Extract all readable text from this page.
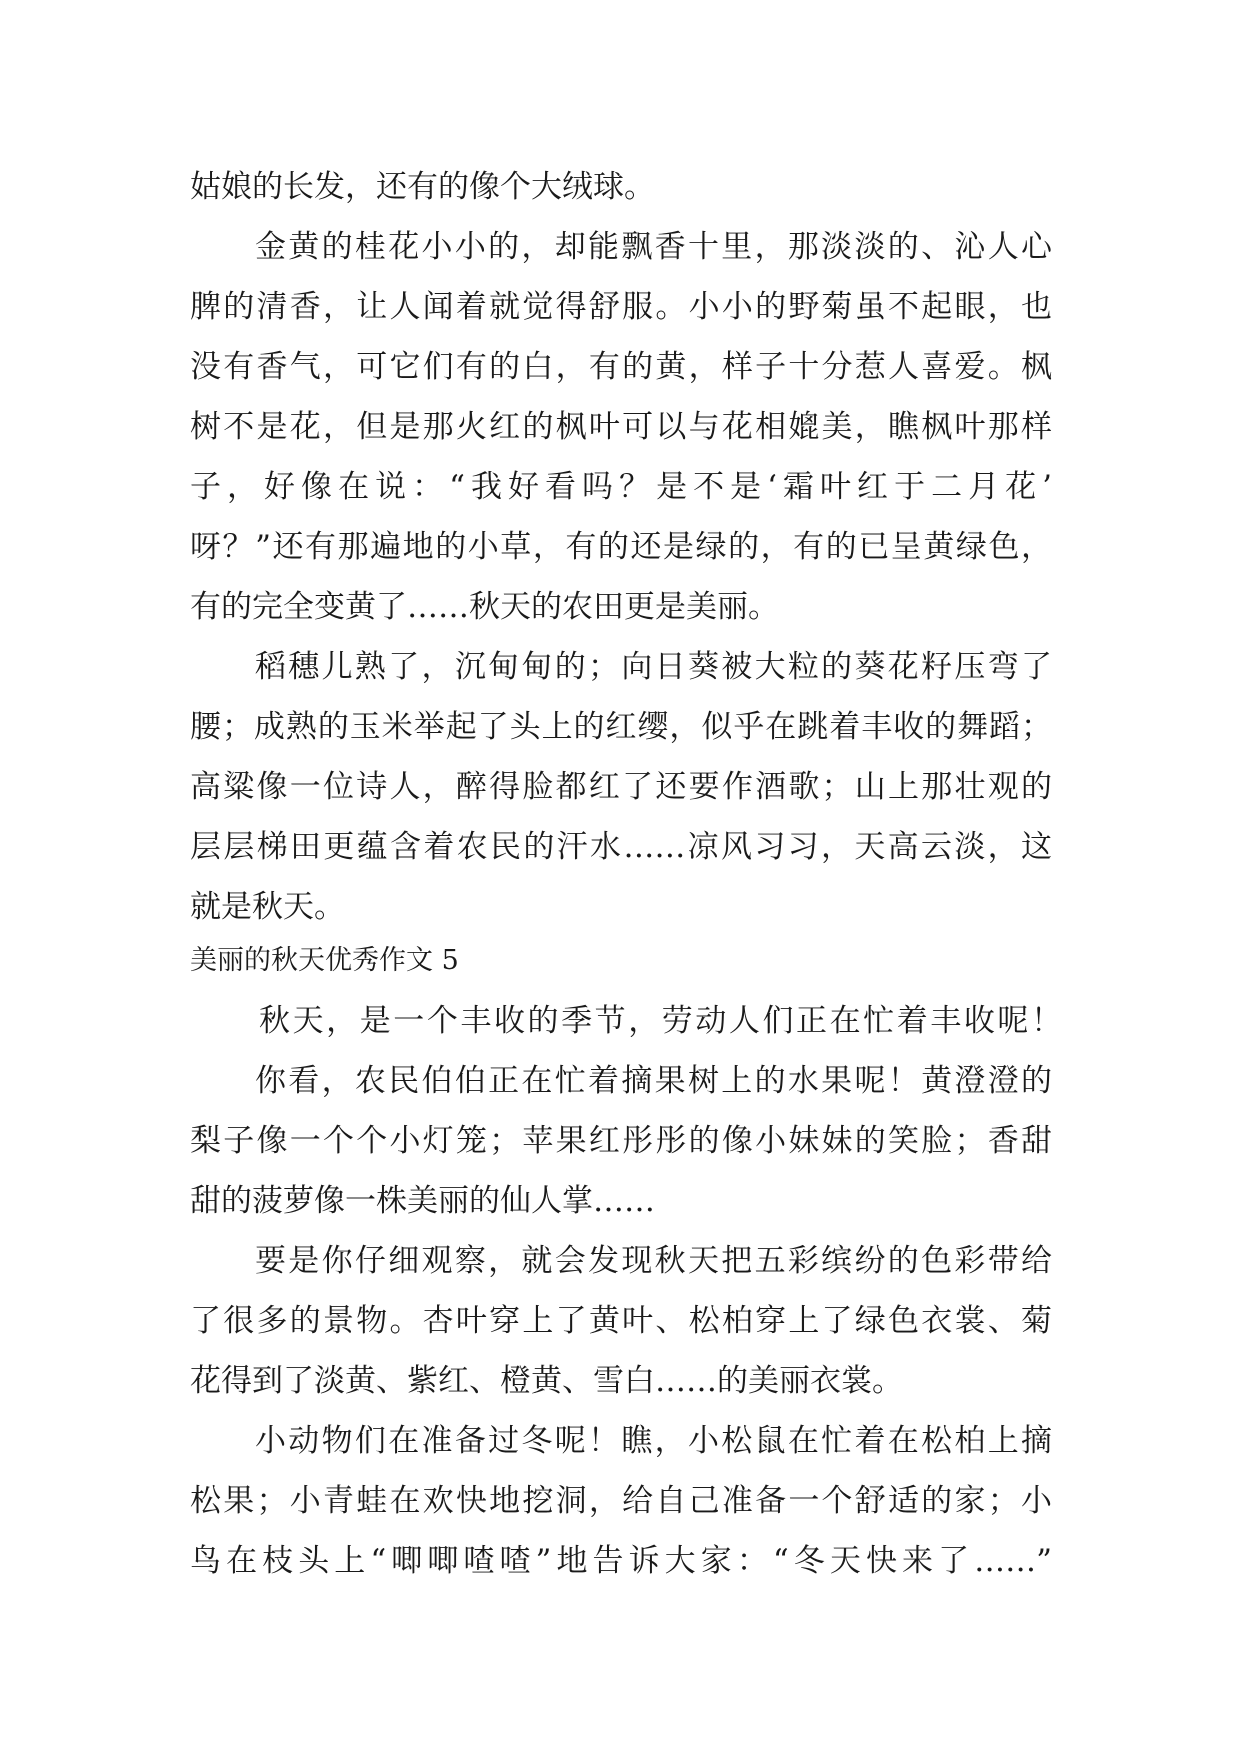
姑娘的长发，还有的像个大绒球。

金黄的桂花小小的，却能飘香十里，那淡淡的、沁人心

脾的清香，让人闻着就觉得舒服。小小的野菊虽不起眼，也

没有香气，可它们有的白，有的黄，样子十分惹人喜爱。枫

树不是花，但是那火红的枫叶可以与花相媲美，瞧枫叶那样

子，好像在说：“我好看吗？是不是‘霜叶红于二月花’

呀？”还有那遍地的小草，有的还是绿的，有的已呈黄绿色，

有的完全变黄了……秋天的农田更是美丽。

稻穗儿熟了，沉甸甸的；向日葵被大粒的葵花籽压弯了

腰；成熟的玉米举起了头上的红缨，似乎在跳着丰收的舞蹈；

高粱像一位诗人，醉得脸都红了还要作酒歌；山上那壮观的

层层梯田更蕴含着农民的汗水……凉风习习，天高云淡，这

就是秋天。

美丽的秋天优秀作文 5

秋天，是一个丰收的季节，劳动人们正在忙着丰收呢！

你看，农民伯伯正在忙着摘果树上的水果呢！黄澄澄的

梨子像一个个小灯笼；苹果红彤彤的像小妹妹的笑脸；香甜

甜的菠萝像一株美丽的仙人掌……

要是你仔细观察，就会发现秋天把五彩缤纷的色彩带给

了很多的景物。杏叶穿上了黄叶、松柏穿上了绿色衣裳、菊

花得到了淡黄、紫红、橙黄、雪白……的美丽衣裳。

小动物们在准备过冬呢！瞧，小松鼠在忙着在松柏上摘

松果；小青蛙在欢快地挖洞，给自己准备一个舒适的家；小

鸟在枝头上“唧唧喳喳”地告诉大家：“冬天快来了……”
